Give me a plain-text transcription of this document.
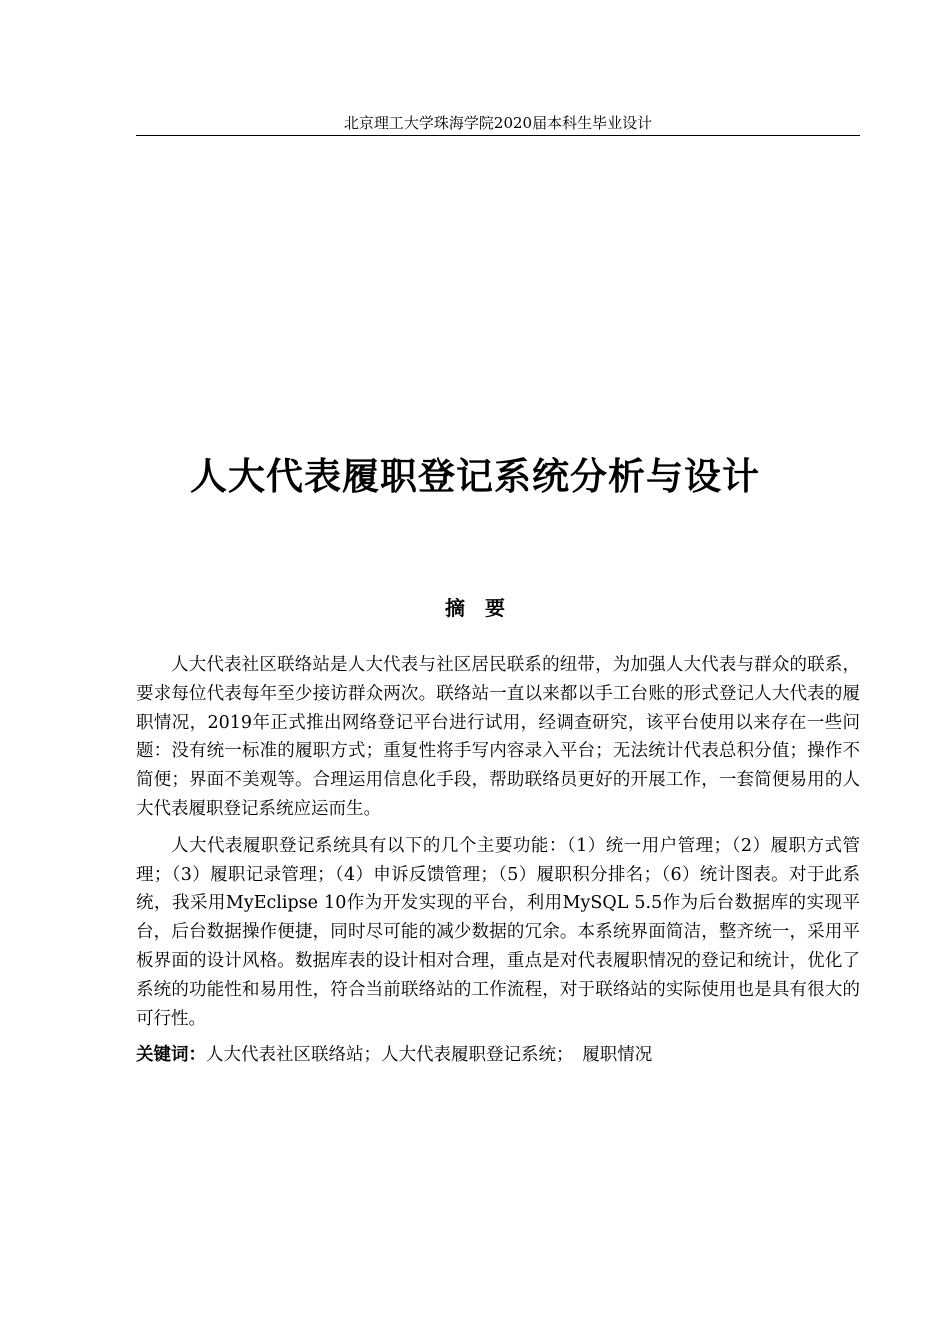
北京理工大学珠海学院2020届本科生毕业设计
人大代表履职登记系统分析与设计
摘　要

人大代表社区联络站是人大代表与社区居民联系的纽带，为加强人大代表与群众的联系，要求每位代表每年至少接访群众两次。联络站一直以来都以手工台账的形式登记人大代表的履职情况，2019年正式推出网络登记平台进行试用，经调查研究，该平台使用以来存在一些问题：没有统一标准的履职方式；重复性将手写内容录入平台；无法统计代表总积分值；操作不简便；界面不美观等。合理运用信息化手段，帮助联络员更好的开展工作，一套简便易用的人大代表履职登记系统应运而生。

人大代表履职登记系统具有以下的几个主要功能：（1）统一用户管理；（2）履职方式管理；（3）履职记录管理；（4）申诉反馈管理；（5）履职积分排名；（6）统计图表。对于此系统，我采用MyEclipse 10作为开发实现的平台，利用MySQL 5.5作为后台数据库的实现平台，后台数据操作便捷，同时尽可能的减少数据的冗余。本系统界面简洁，整齐统一，采用平板界面的设计风格。数据库表的设计相对合理，重点是对代表履职情况的登记和统计，优化了系统的功能性和易用性，符合当前联络站的工作流程，对于联络站的实际使用也是具有很大的可行性。

关键词：人大代表社区联络站；人大代表履职登记系统；　履职情况
